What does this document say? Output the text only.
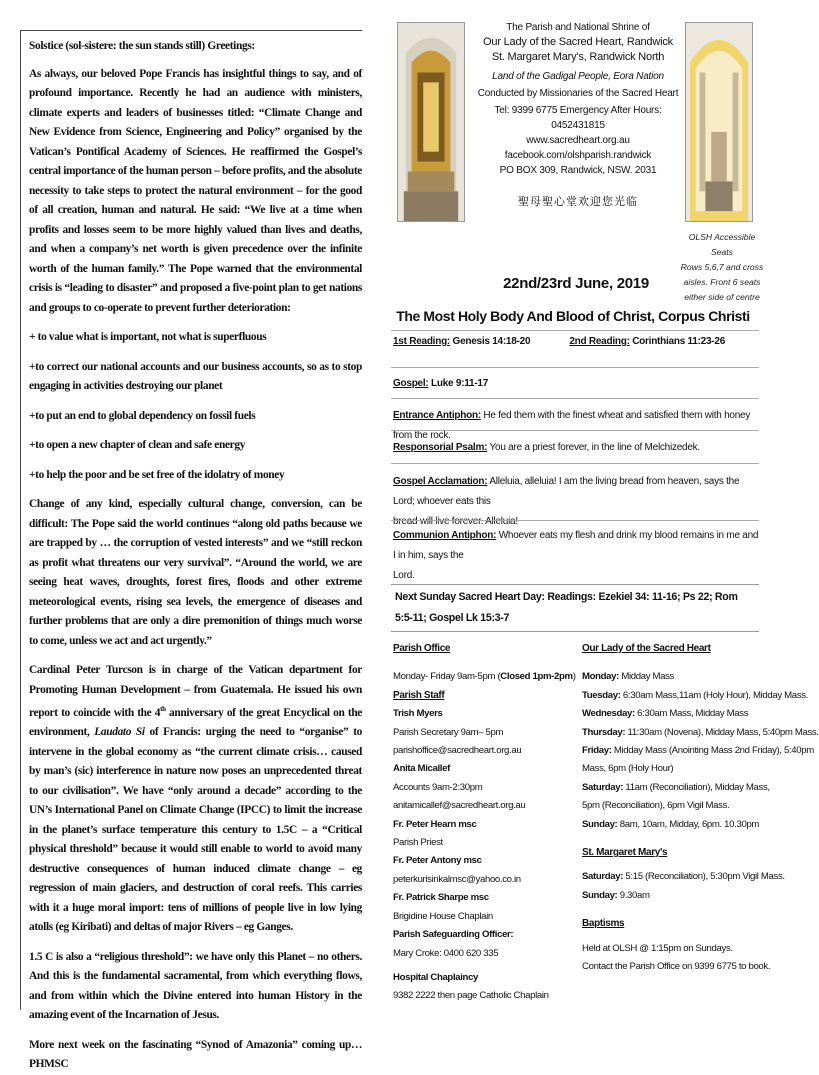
Solstice (sol-sistere: the sun stands still) Greetings:

As always, our beloved Pope Francis has insightful things to say, and of profound importance. Recently he had an audience with ministers, climate experts and leaders of businesses titled: “Climate Change and New Evidence from Science, Engineering and Policy” organised by the Vatican’s Pontifical Academy of Sciences. He reaffirmed the Gospel’s central importance of the human person – before profits, and the absolute necessity to take steps to protect the natural environment – for the good of all creation, human and natural. He said: “We live at a time when profits and losses seem to be more highly valued than lives and deaths, and when a company’s net worth is given precedence over the infinite worth of the human family.” The Pope warned that the environmental crisis is “leading to disaster” and proposed a five-point plan to get nations and groups to co-operate to prevent further deterioration:

+ to value what is important, not what is superfluous

+to correct our national accounts and our business accounts, so as to stop engaging in activities destroying our planet

+to put an end to global dependency on fossil fuels

+to open a new chapter of clean and safe energy

+to help the poor and be set free of the idolatry of money

Change of any kind, especially cultural change, conversion, can be difficult: The Pope said the world continues “along old paths because we are trapped by … the corruption of vested interests” and we “still reckon as profit what threatens our very survival”. “Around the world, we are seeing heat waves, droughts, forest fires, floods and other extreme meteorological events, rising sea levels, the emergence of diseases and further problems that are only a dire premonition of things much worse to come, unless we act and act urgently.”

Cardinal Peter Turcson is in charge of the Vatican department for Promoting Human Development – from Guatemala. He issued his own report to coincide with the 4th anniversary of the great Encyclical on the environment, Laudato Si of Francis: urging the need to “organise” to intervene in the global economy as “the current climate crisis… caused by man’s (sic) interference in nature now poses an unprecedented threat to our civilisation”. We have “only around a decade” according to the UN’s International Panel on Climate Change (IPCC) to limit the increase in the planet’s surface temperature this century to 1.5C – a “Critical physical threshold” because it would still enable to world to avoid many destructive consequences of human induced climate change – eg regression of main glaciers, and destruction of coral reefs. This carries with it a huge moral import: tens of millions of people live in low lying atolls (eg Kiribati) and deltas of major Rivers – eg Ganges.

1.5 C is also a “religious threshold”: we have only this Planet – no others. And this is the fundamental sacramental, from which everything flows, and from within which the Divine entered into human History in the amazing event of the Incarnation of Jesus.

More next week on the fascinating “Synod of Amazonia” coming up… PHMSC

The Parish and National Shrine of
Our Lady of the Sacred Heart, Randwick
St. Margaret Mary's, Randwick North
Land of the Gadigal People, Eora Nation
Conducted by Missionaries of the Sacred Heart
Tel: 9399 6775 Emergency After Hours: 0452431815
www.sacredheart.org.au
facebook.com/olshparish.randwick
PO BOX 309, Randwick, NSW. 2031
聖母聖心堂欢迎您光临
OLSH Accessible Seats
Rows 5,6,7 and cross
aisles. Front 6 seats
either side of centre
22nd/23rd June, 2019
The Most Holy Body And Blood of Christ, Corpus Christi
1st Reading: Genesis 14:18-20	2nd Reading: Corinthians 11:23-26
Gospel: Luke 9:11-17
Entrance Antiphon: He fed them with the finest wheat and satisfied them with honey from the rock.
Responsorial Psalm: You are a priest forever, in the line of Melchizedek.
Gospel Acclamation: Alleluia, alleluia! I am the living bread from heaven, says the Lord; whoever eats this
bread will live forever. Alleluia!
Communion Antiphon: Whoever eats my flesh and drink my blood remains in me and I in him, says the
Lord.
Next Sunday Sacred Heart Day: Readings: Ezekiel 34: 11-16; Ps 22; Rom 5:5-11; Gospel Lk 15:3-7
Parish Office
Monday- Friday 9am-5pm (Closed 1pm-2pm)
Parish Staff
Trish Myers
Parish Secretary 9am– 5pm
parishoffice@sacredheart.org.au
Anita Micallef
Accounts 9am-2:30pm
anitamicallef@sacredheart.org.au
Fr. Peter Hearn msc
Parish Priest
Fr. Peter Antony msc
peterkurisinkalmsc@yahoo.co.in
Fr. Patrick Sharpe msc
Brigidine House Chaplain
Parish Safeguarding Officer:
Mary Croke: 0400 620 335
Hospital Chaplaincy
9382 2222 then page Catholic Chaplain
Our Lady of the Sacred Heart
Monday: Midday Mass
Tuesday: 6:30am Mass,11am (Holy Hour), Midday Mass.
Wednesday: 6:30am Mass, Midday Mass
Thursday: 11:30am (Novena), Midday Mass, 5:40pm Mass.
Friday: Midday Mass (Anointing Mass 2nd Friday), 5:40pm
Mass, 6pm (Holy Hour)
Saturday: 11am (Reconciliation), Midday Mass,
5pm (Reconciliation), 6pm Vigil Mass.
Sunday: 8am, 10am, Midday, 6pm. 10.30pm
St. Margaret Mary's
Saturday: 5:15 (Reconciliation), 5:30pm Vigil Mass.
Sunday: 9.30am
Baptisms
Held at OLSH @ 1:15pm on Sundays.
Contact the Parish Office on 9399 6775 to book.
